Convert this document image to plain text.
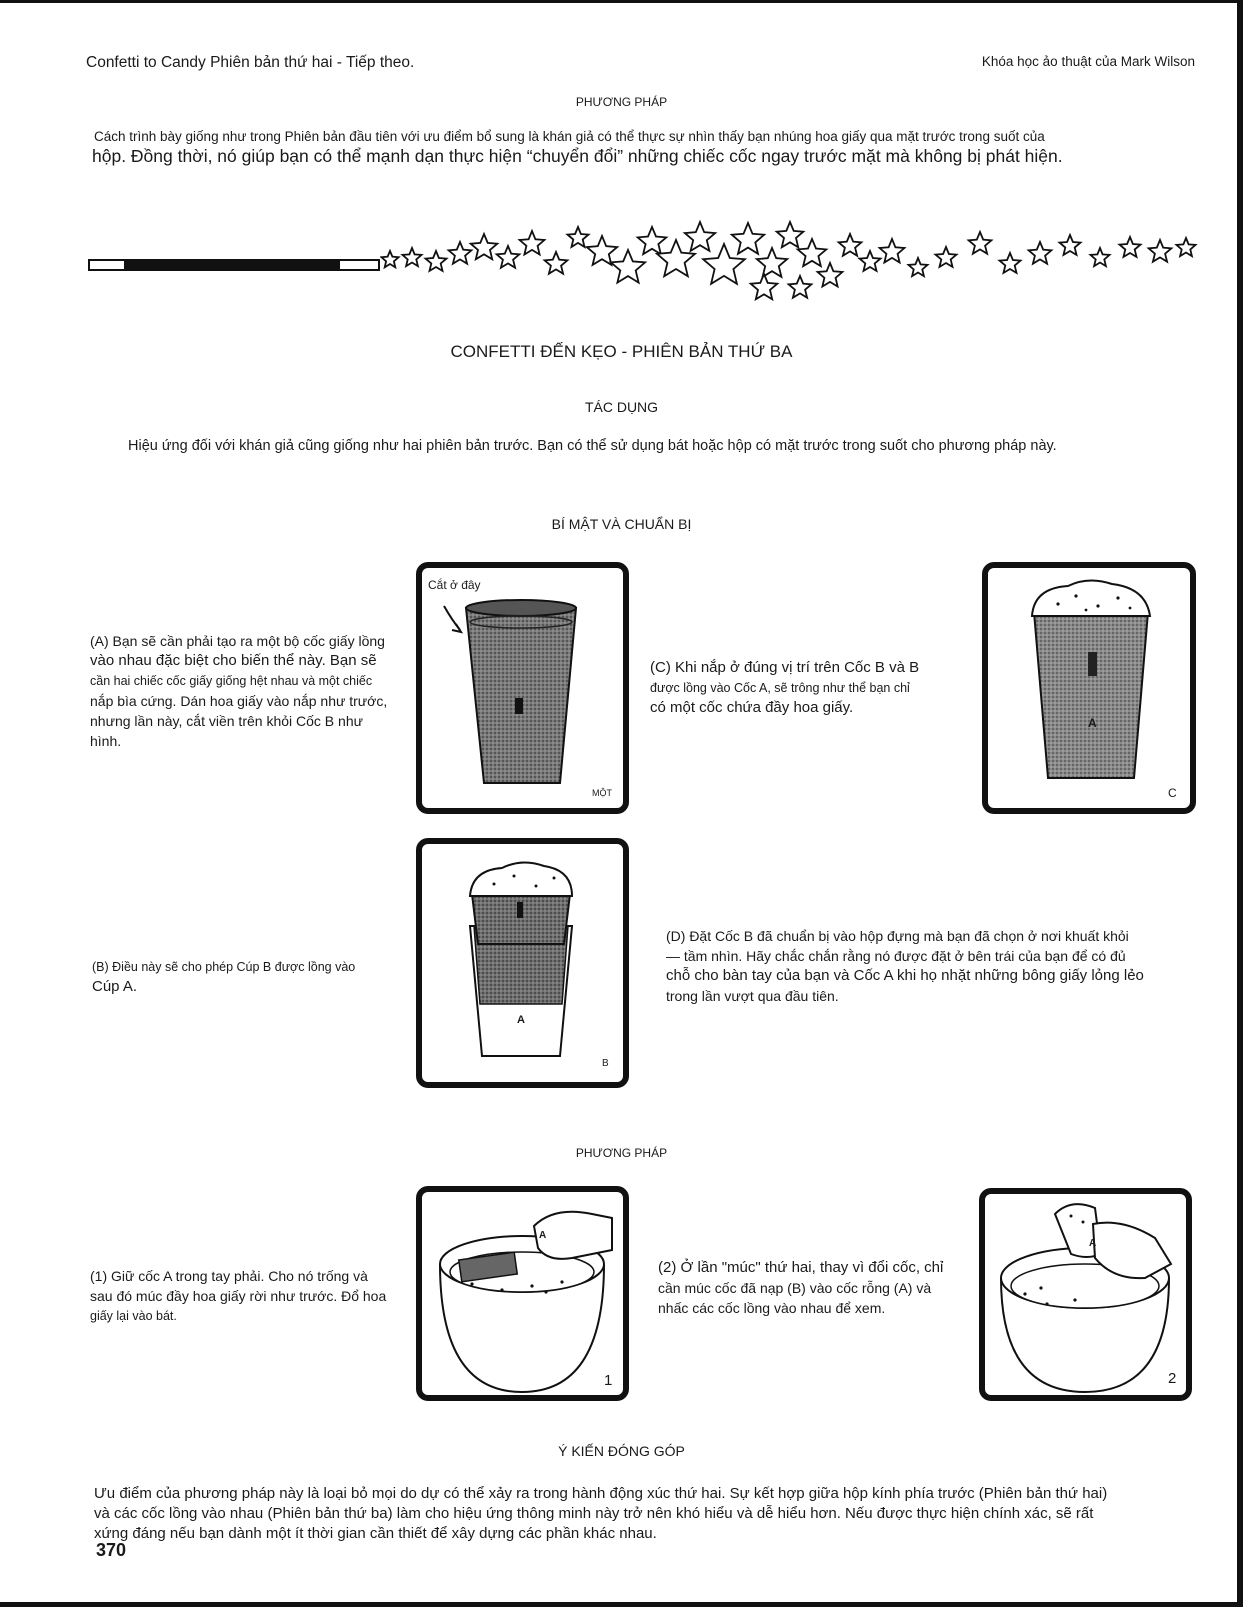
Confetti to Candy Phiên bản thứ hai - Tiếp theo.	Khóa học ảo thuật của Mark Wilson
PHƯƠNG PHÁP
Cách trình bày giống như trong Phiên bản đầu tiên với ưu điểm bổ sung là khán giả có thể thực sự nhìn thấy bạn nhúng hoa giấy qua mặt trước trong suốt của
hộp. Đồng thời, nó giúp bạn có thể mạnh dạn thực hiện “chuyển đổi” những chiếc cốc ngay trước mặt mà không bị phát hiện.
CONFETTI ĐẾN KẸO - PHIÊN BẢN THỨ BA
TÁC DỤNG
Hiệu ứng đối với khán giả cũng giống như hai phiên bản trước. Bạn có thể sử dụng bát hoặc hộp có mặt trước trong suốt cho phương pháp này.
BÍ MẬT VÀ CHUẨN BỊ
(A) Bạn sẽ cần phải tạo ra một bộ cốc giấy lồng
vào nhau đặc biệt cho biến thể này. Bạn sẽ
cần hai chiếc cốc giấy giống hệt nhau và một chiếc
nắp bìa cứng. Dán hoa giấy vào nắp như trước,
nhưng lần này, cắt viền trên khỏi Cốc B như
hình.
Cắt ở đây
MỘT
(C) Khi nắp ở đúng vị trí trên Cốc B và B
được lồng vào Cốc A, sẽ trông như thể bạn chỉ
có một cốc chứa đầy hoa giấy.
A
C
(B) Điều này sẽ cho phép Cúp B được lồng vào
Cúp A.
A
B
(D) Đặt Cốc B đã chuẩn bị vào hộp đựng mà bạn đã chọn ở nơi khuất khỏi
— tầm nhìn. Hãy chắc chắn rằng nó được đặt ở bên trái của bạn để có đủ
chỗ cho bàn tay của bạn và Cốc A khi họ nhặt những bông giấy lỏng lẻo
trong lần vượt qua đầu tiên.
PHƯƠNG PHÁP
(1) Giữ cốc A trong tay phải. Cho nó trống và
sau đó múc đầy hoa giấy rời như trước. Đổ hoa
giấy lại vào bát.
A
1
(2) Ở lần "múc" thứ hai, thay vì đổi cốc, chỉ
cần múc cốc đã nạp (B) vào cốc rỗng (A) và
nhấc các cốc lồng vào nhau để xem.
A
2
Ý KIẾN ĐÓNG GÓP
Ưu điểm của phương pháp này là loại bỏ mọi do dự có thể xảy ra trong hành động xúc thứ hai. Sự kết hợp giữa hộp kính phía trước (Phiên bản thứ hai)
và các cốc lồng vào nhau (Phiên bản thứ ba) làm cho hiệu ứng thông minh này trở nên khó hiểu và dễ hiểu hơn. Nếu được thực hiện chính xác, sẽ rất
xứng đáng nếu bạn dành một ít thời gian cần thiết để xây dựng các phần khác nhau.
370
